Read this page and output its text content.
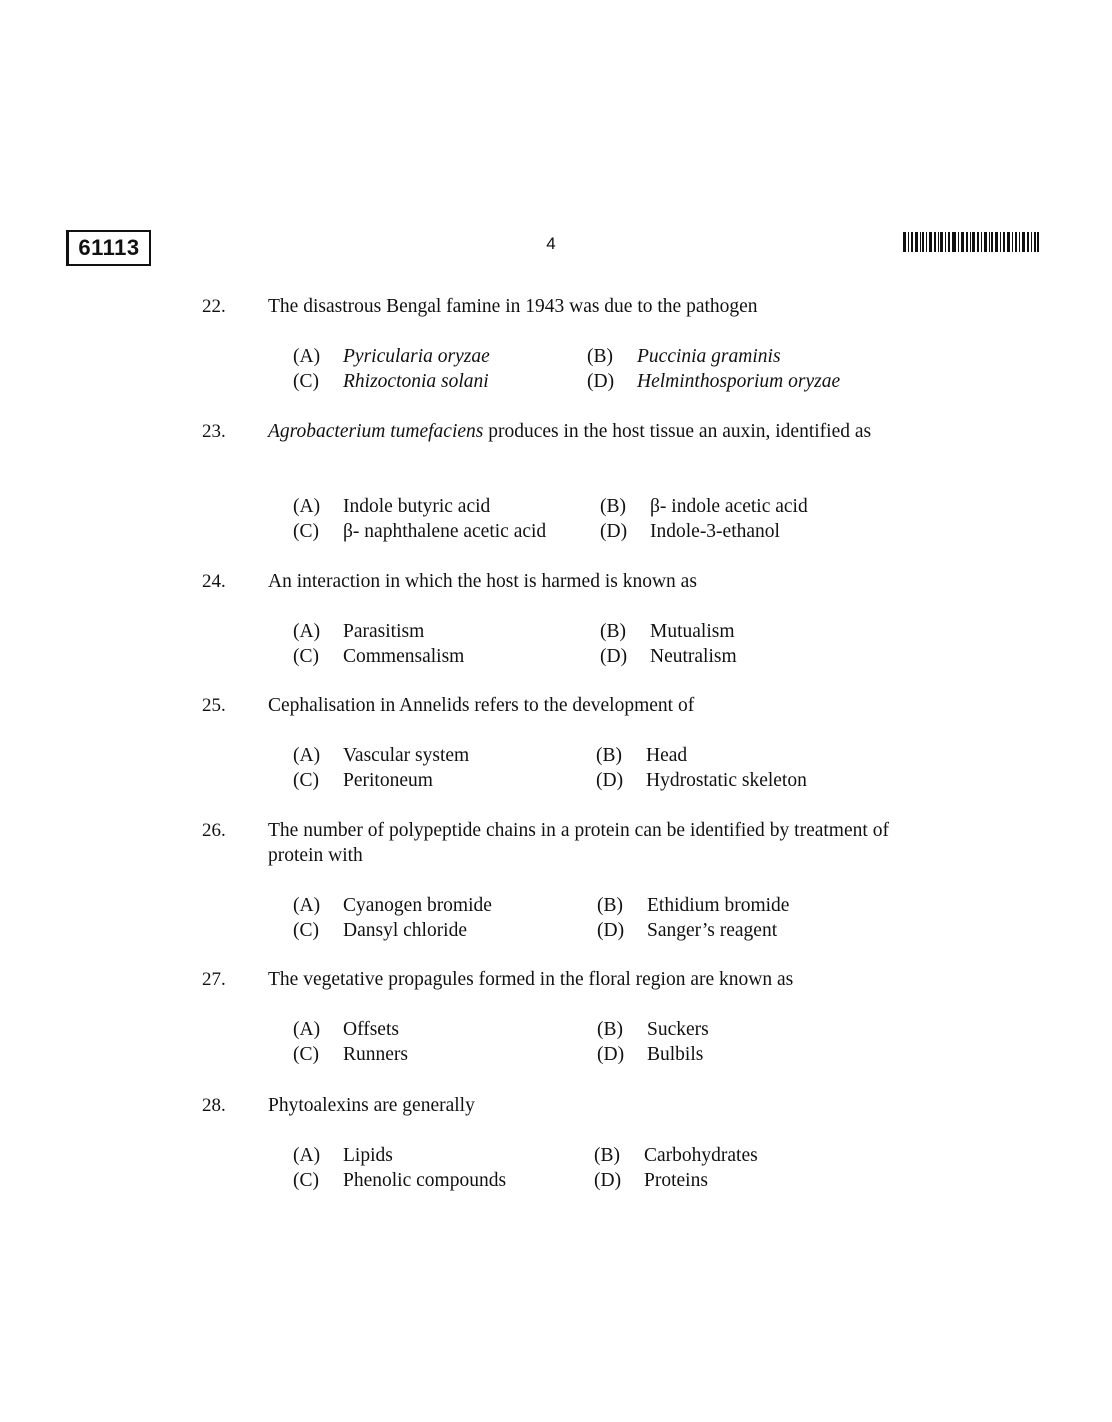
61113	4
22. The disastrous Bengal famine in 1943 was due to the pathogen
(A) Pyricularia oryzae	(B) Puccinia graminis
(C) Rhizoctonia solani	(D) Helminthosporium oryzae
23. Agrobacterium tumefaciens produces in the host tissue an auxin, identified as
(A) Indole butyric acid	(B) β- indole acetic acid
(C) β- naphthalene acetic acid	(D) Indole-3-ethanol
24. An interaction in which the host is harmed is known as
(A) Parasitism	(B) Mutualism
(C) Commensalism	(D) Neutralism
25. Cephalisation in Annelids refers to the development of
(A) Vascular system	(B) Head
(C) Peritoneum	(D) Hydrostatic skeleton
26. The number of polypeptide chains in a protein can be identified by treatment of protein with
(A) Cyanogen bromide	(B) Ethidium bromide
(C) Dansyl chloride	(D) Sanger’s reagent
27. The vegetative propagules formed in the floral region are known as
(A) Offsets	(B) Suckers
(C) Runners	(D) Bulbils
28. Phytoalexins are generally
(A) Lipids	(B) Carbohydrates
(C) Phenolic compounds	(D) Proteins
